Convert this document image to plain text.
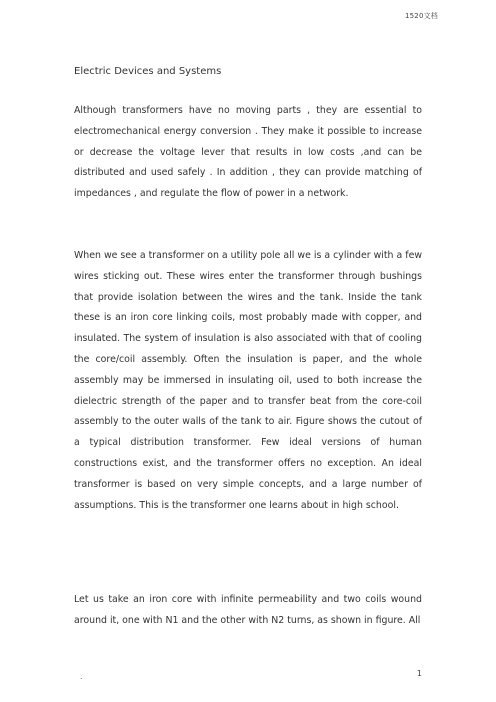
1520文档
Electric Devices and Systems

Although transformers have no moving parts , they are essential to electromechanical energy conversion . They make it possible to increase or decrease the voltage lever that results in low costs ,and can be distributed and used safely . In addition , they can provide matching of impedances , and regulate the flow of power in a network.

When we see a transformer on a utility pole all we is a cylinder with a few wires sticking out. These wires enter the transformer through bushings that provide isolation between the wires and the tank. Inside the tank these is an iron core linking coils, most probably made with copper, and insulated. The system of insulation is also associated with that of cooling the core/coil assembly. Often the insulation is paper, and the whole assembly may be immersed in insulating oil, used to both increase the dielectric strength of the paper and to transfer beat from the core-coil assembly to the outer walls of the tank to air. Figure shows the cutout of a typical distribution transformer. Few ideal versions of human constructions exist, and the transformer offers no exception. An ideal transformer is based on very simple concepts, and a large number of assumptions. This is the transformer one learns about in high school.

Let us take an iron core with infinite permeability and two coils wound around it, one with N1 and the other with N2 turns, as shown in figure. All

.	1
